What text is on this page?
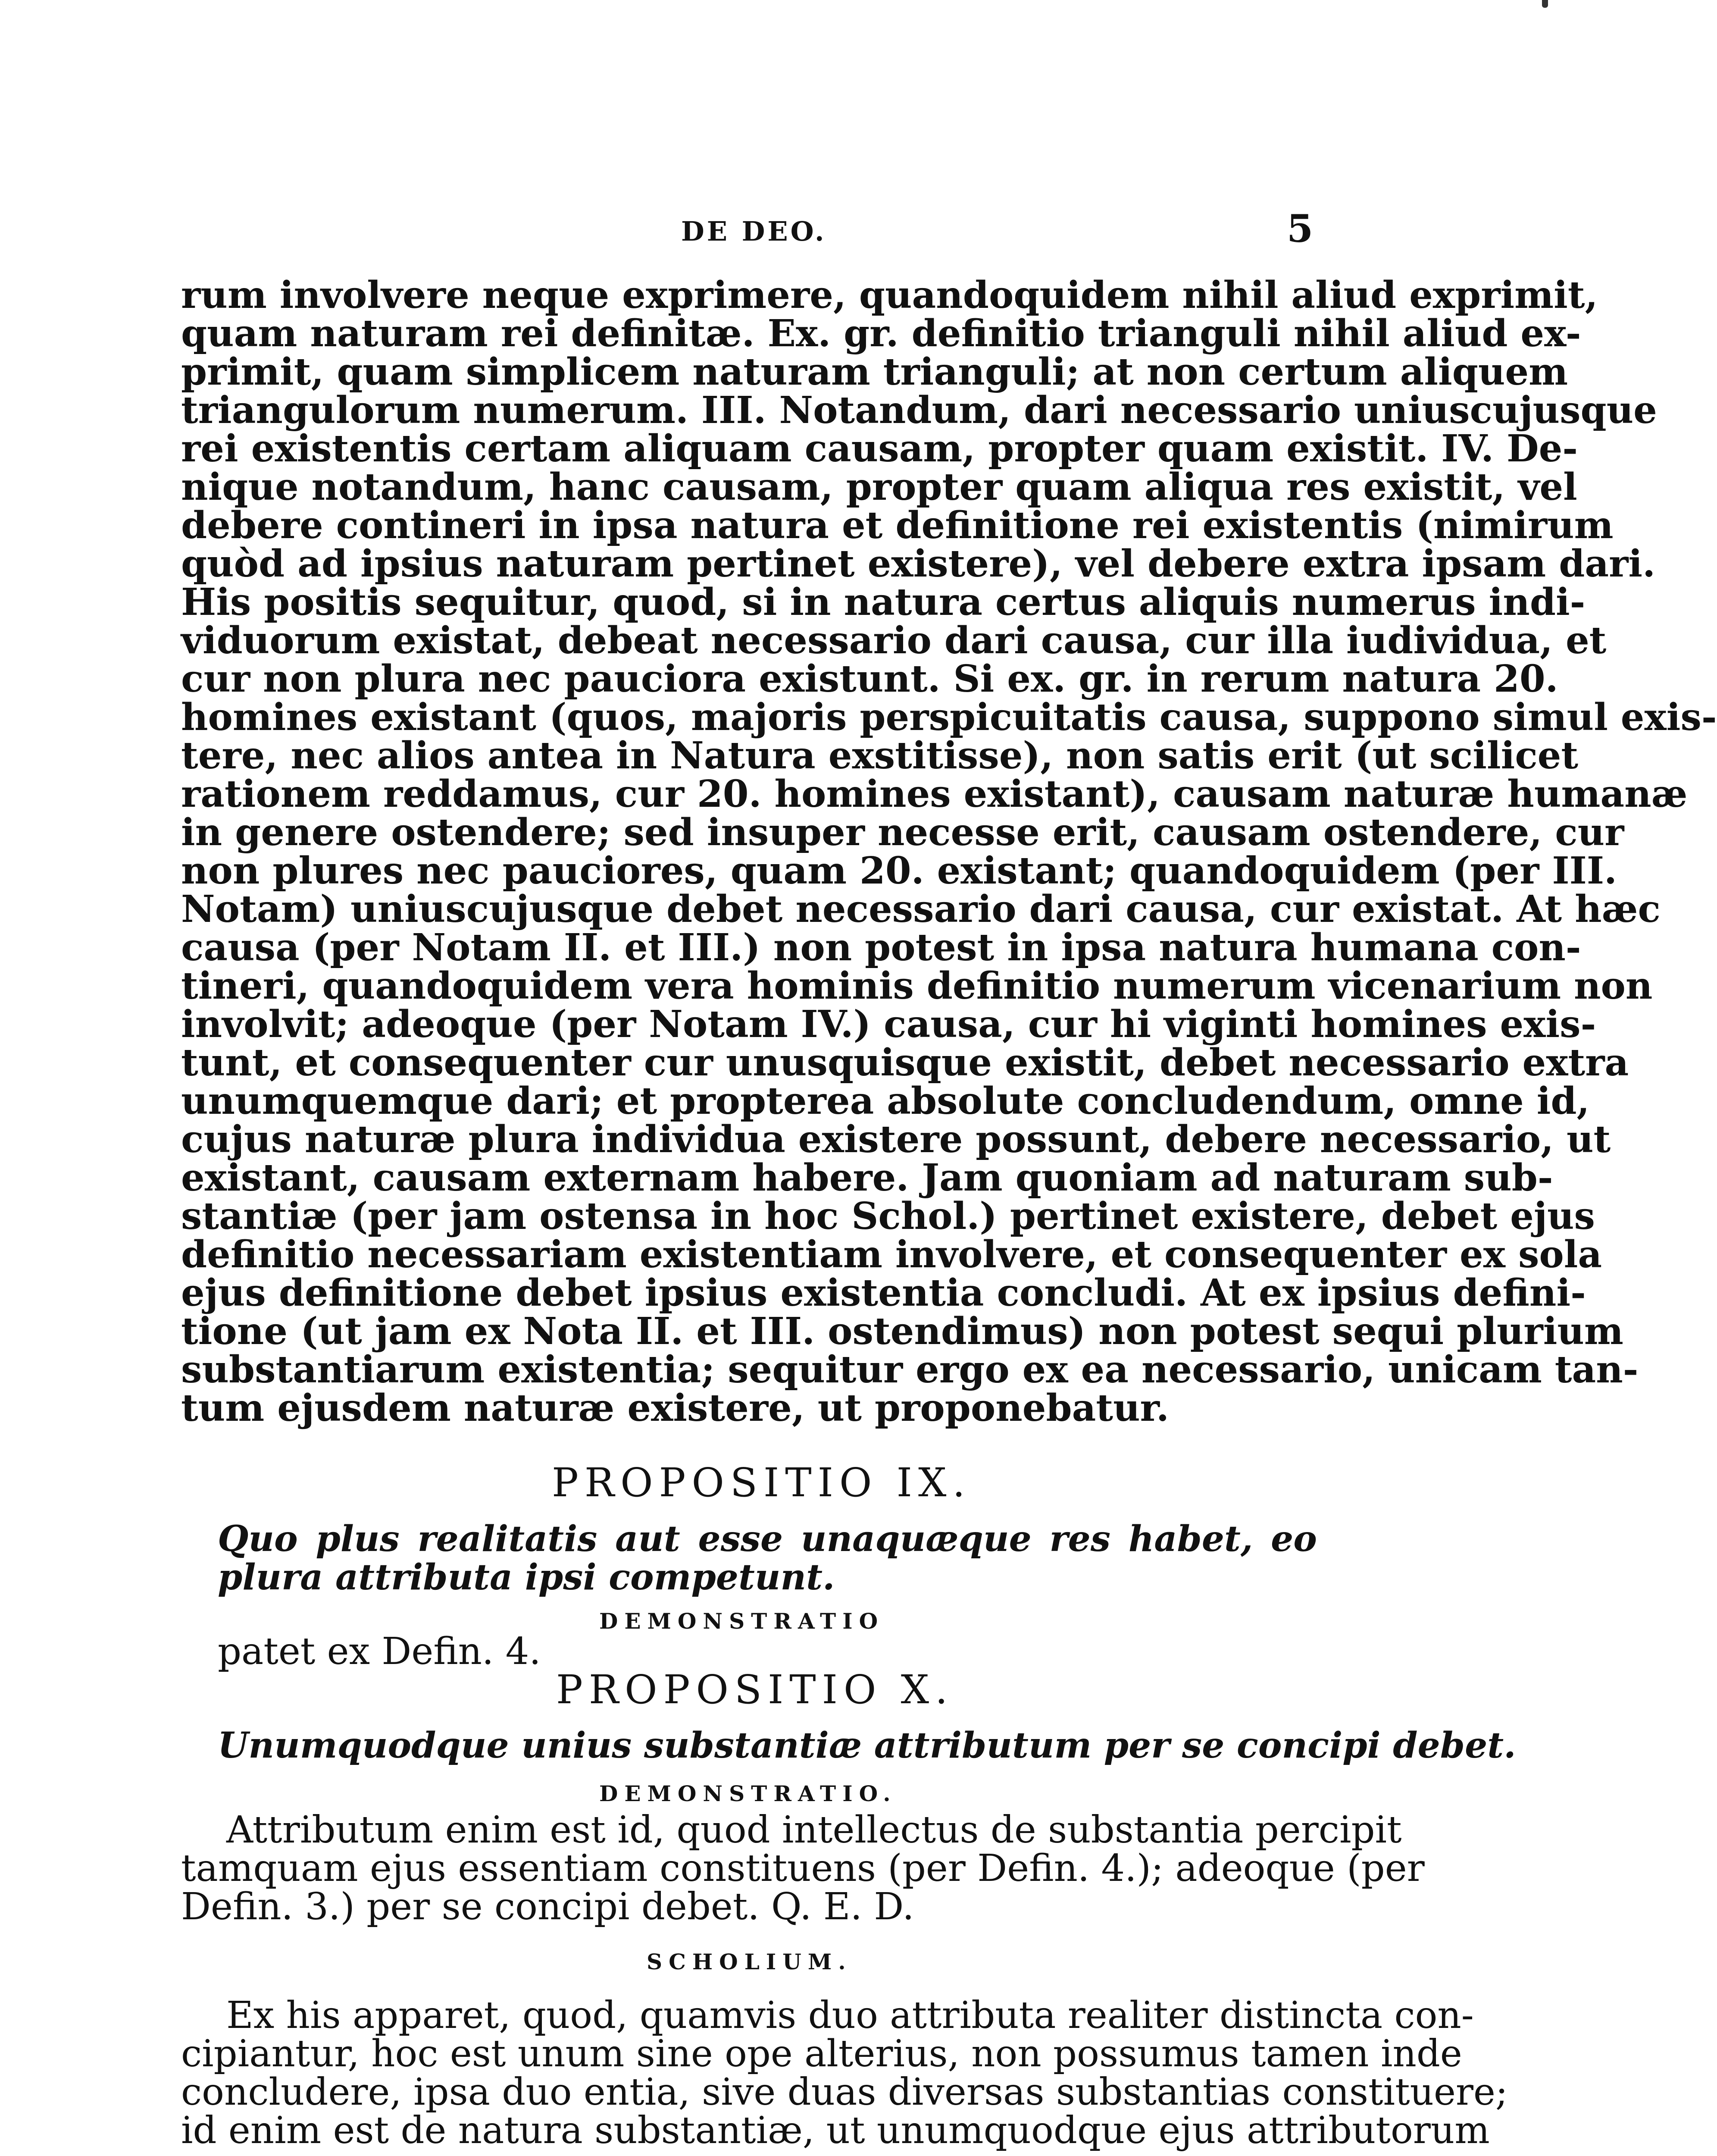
DE DEO.	5
rum involvere neque exprimere, quandoquidem nihil aliud exprimit,
quam naturam rei definitæ. Ex. gr. definitio trianguli nihil aliud ex-
primit, quam simplicem naturam trianguli; at non certum aliquem
triangulorum numerum. III. Notandum, dari necessario uniuscujusque
rei existentis certam aliquam causam, propter quam existit. IV. De-
nique notandum, hanc causam, propter quam aliqua res existit, vel
debere contineri in ipsa natura et definitione rei existentis (nimirum
quòd ad ipsius naturam pertinet existere), vel debere extra ipsam dari.
His positis sequitur, quod, si in natura certus aliquis numerus indi-
viduorum existat, debeat necessario dari causa, cur illa iudividua, et
cur non plura nec pauciora existunt. Si ex. gr. in rerum natura 20.
homines existant (quos, majoris perspicuitatis causa, suppono simul exis-
tere, nec alios antea in Natura exstitisse), non satis erit (ut scilicet
rationem reddamus, cur 20. homines existant), causam naturæ humanæ
in genere ostendere; sed insuper necesse erit, causam ostendere, cur
non plures nec pauciores, quam 20. existant; quandoquidem (per III.
Notam) uniuscujusque debet necessario dari causa, cur existat. At hæc
causa (per Notam II. et III.) non potest in ipsa natura humana con-
tineri, quandoquidem vera hominis definitio numerum vicenarium non
involvit; adeoque (per Notam IV.) causa, cur hi viginti homines exis-
tunt, et consequenter cur unusquisque existit, debet necessario extra
unumquemque dari; et propterea absolute concludendum, omne id,
cujus naturæ plura individua existere possunt, debere necessario, ut
existant, causam externam habere. Jam quoniam ad naturam sub-
stantiæ (per jam ostensa in hoc Schol.) pertinet existere, debet ejus
definitio necessariam existentiam involvere, et consequenter ex sola
ejus definitione debet ipsius existentia concludi. At ex ipsius defini-
tione (ut jam ex Nota II. et III. ostendimus) non potest sequi plurium
substantiarum existentia; sequitur ergo ex ea necessario, unicam tan-
tum ejusdem naturæ existere, ut proponebatur.
PROPOSITIO IX.
Quo plus realitatis aut esse unaquæque res habet, eo plura attributa ipsi competunt.
DEMONSTRATIO
patet ex Defin. 4.
PROPOSITIO X.
Unumquodque unius substantiæ attributum per se concipi debet.
DEMONSTRATIO.
Attributum enim est id, quod intellectus de substantia percipit
tamquam ejus essentiam constituens (per Defin. 4.); adeoque (per
Defin. 3.) per se concipi debet. Q. E. D.
SCHOLIUM.
Ex his apparet, quod, quamvis duo attributa realiter distincta con-
cipiantur, hoc est unum sine ope alterius, non possumus tamen inde
concludere, ipsa duo entia, sive duas diversas substantias constituere;
id enim est de natura substantiæ, ut unumquodque ejus attributorum
